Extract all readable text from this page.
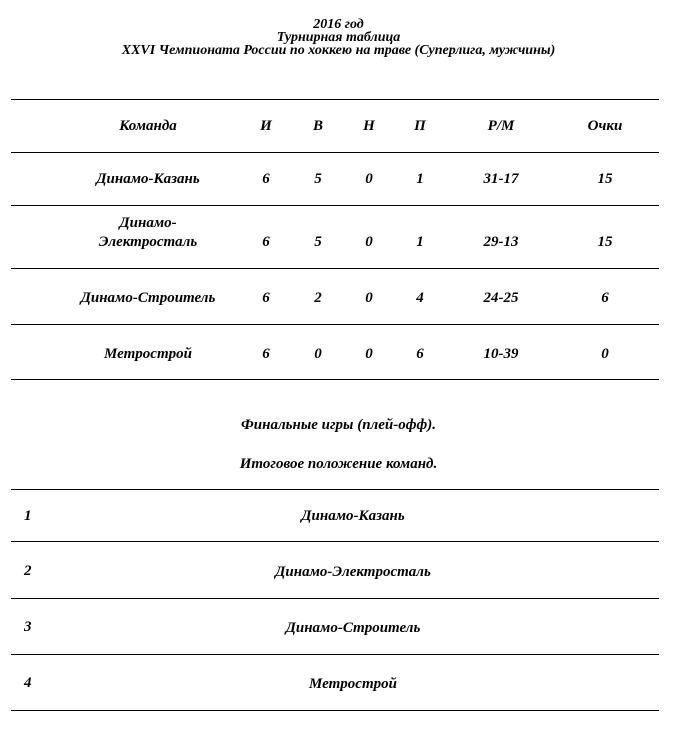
2016 год
Турнирная таблица
XXVI Чемпионата России по хоккею на траве (Суперлига, мужчины)
Команда	И	В	Н	П	Р/М	Очки
Динамо-Казань	6	5	0	1	31-17	15
Динамо-
Электросталь	6	5	0	1	29-13	15
Динамо-Строитель	6	2	0	4	24-25	6
Метрострой	6	0	0	6	10-39	0
Финальные игры (плей-офф).
Итоговое положение команд.
1	Динамо-Казань
2	Динамо-Электросталь
3	Динамо-Строитель
4	Метрострой
